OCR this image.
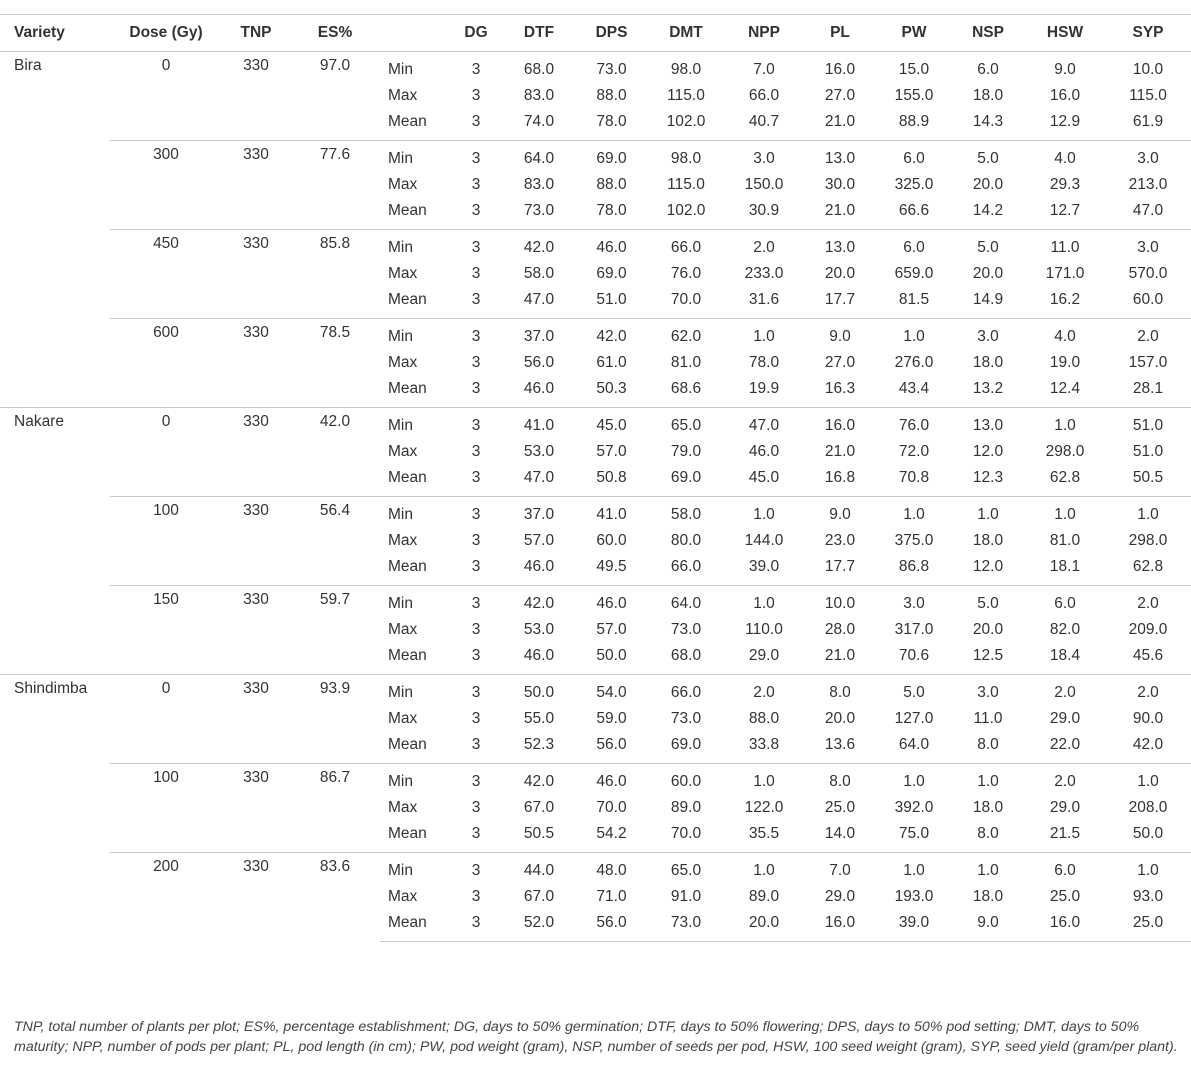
Variety	Dose (Gy)	TNP	ES%		DG	DTF	DPS	DMT	NPP	PL	PW	NSP	HSW	SYP
Bira	0	330	97.0	Min	3	68.0	73.0	98.0	7.0	16.0	15.0	6.0	9.0	10.0
				Max	3	83.0	88.0	115.0	66.0	27.0	155.0	18.0	16.0	115.0
				Mean	3	74.0	78.0	102.0	40.7	21.0	88.9	14.3	12.9	61.9
	300	330	77.6	Min	3	64.0	69.0	98.0	3.0	13.0	6.0	5.0	4.0	3.0
				Max	3	83.0	88.0	115.0	150.0	30.0	325.0	20.0	29.3	213.0
				Mean	3	73.0	78.0	102.0	30.9	21.0	66.6	14.2	12.7	47.0
	450	330	85.8	Min	3	42.0	46.0	66.0	2.0	13.0	6.0	5.0	11.0	3.0
				Max	3	58.0	69.0	76.0	233.0	20.0	659.0	20.0	171.0	570.0
				Mean	3	47.0	51.0	70.0	31.6	17.7	81.5	14.9	16.2	60.0
	600	330	78.5	Min	3	37.0	42.0	62.0	1.0	9.0	1.0	3.0	4.0	2.0
				Max	3	56.0	61.0	81.0	78.0	27.0	276.0	18.0	19.0	157.0
				Mean	3	46.0	50.3	68.6	19.9	16.3	43.4	13.2	12.4	28.1
Nakare	0	330	42.0	Min	3	41.0	45.0	65.0	47.0	16.0	76.0	13.0	1.0	51.0
				Max	3	53.0	57.0	79.0	46.0	21.0	72.0	12.0	298.0	51.0
				Mean	3	47.0	50.8	69.0	45.0	16.8	70.8	12.3	62.8	50.5
	100	330	56.4	Min	3	37.0	41.0	58.0	1.0	9.0	1.0	1.0	1.0	1.0
				Max	3	57.0	60.0	80.0	144.0	23.0	375.0	18.0	81.0	298.0
				Mean	3	46.0	49.5	66.0	39.0	17.7	86.8	12.0	18.1	62.8
	150	330	59.7	Min	3	42.0	46.0	64.0	1.0	10.0	3.0	5.0	6.0	2.0
				Max	3	53.0	57.0	73.0	110.0	28.0	317.0	20.0	82.0	209.0
				Mean	3	46.0	50.0	68.0	29.0	21.0	70.6	12.5	18.4	45.6
Shindimba	0	330	93.9	Min	3	50.0	54.0	66.0	2.0	8.0	5.0	3.0	2.0	2.0
				Max	3	55.0	59.0	73.0	88.0	20.0	127.0	11.0	29.0	90.0
				Mean	3	52.3	56.0	69.0	33.8	13.6	64.0	8.0	22.0	42.0
	100	330	86.7	Min	3	42.0	46.0	60.0	1.0	8.0	1.0	1.0	2.0	1.0
				Max	3	67.0	70.0	89.0	122.0	25.0	392.0	18.0	29.0	208.0
				Mean	3	50.5	54.2	70.0	35.5	14.0	75.0	8.0	21.5	50.0
	200	330	83.6	Min	3	44.0	48.0	65.0	1.0	7.0	1.0	1.0	6.0	1.0
				Max	3	67.0	71.0	91.0	89.0	29.0	193.0	18.0	25.0	93.0
				Mean	3	52.0	56.0	73.0	20.0	16.0	39.0	9.0	16.0	25.0

TNP, total number of plants per plot; ES%, percentage establishment; DG, days to 50% germination; DTF, days to 50% flowering; DPS, days to 50% pod setting; DMT, days to 50% maturity; NPP, number of pods per plant; PL, pod length (in cm); PW, pod weight (gram), NSP, number of seeds per pod, HSW, 100 seed weight (gram), SYP, seed yield (gram/per plant).
